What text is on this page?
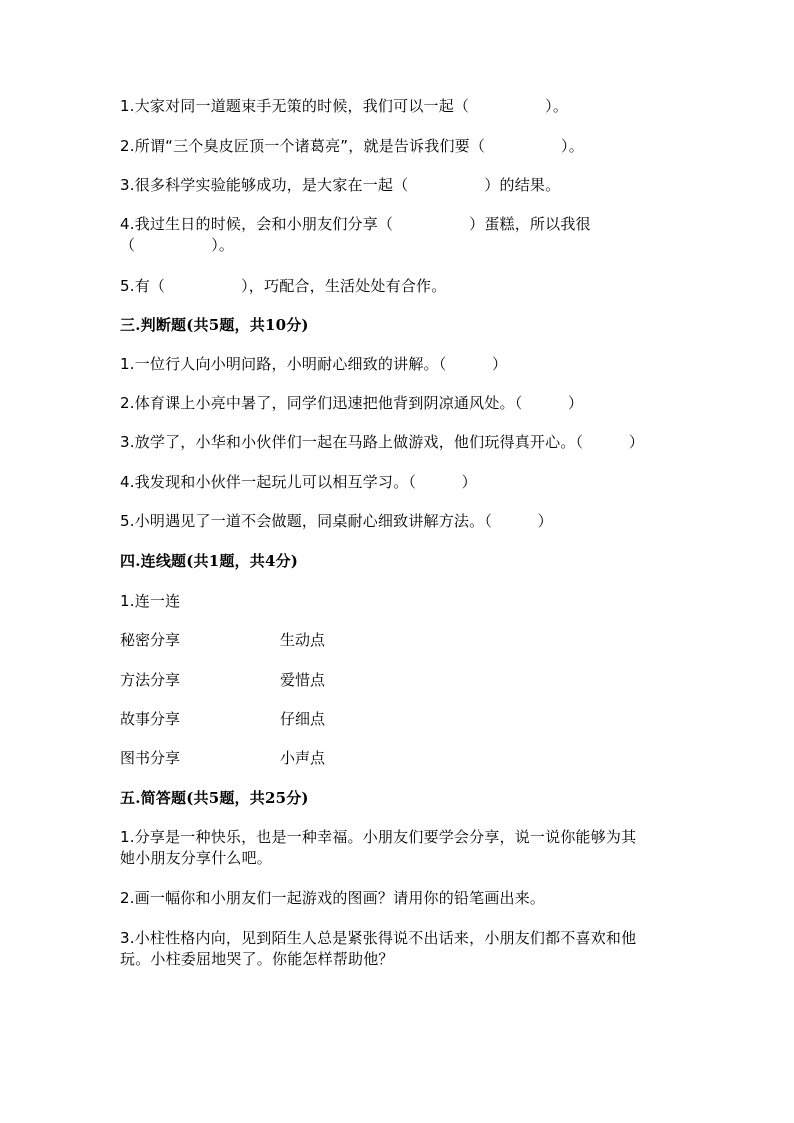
1.大家对同一道题束手无策的时候，我们可以一起（　　　　　）。
2.所谓“三个臭皮匠顶一个诸葛亮”，就是告诉我们要（　　　　　）。
3.很多科学实验能够成功，是大家在一起（　　　　　）的结果。
4.我过生日的时候，会和小朋友们分享（　　　　　）蛋糕，所以我很
（　　　　　）。
5.有（　　　　　），巧配合，生活处处有合作。
三.判断题(共5题，共10分)
1.一位行人向小明问路，小明耐心细致的讲解。（　　　）
2.体育课上小亮中暑了，同学们迅速把他背到阴凉通风处。（　　　）
3.放学了，小华和小伙伴们一起在马路上做游戏，他们玩得真开心。（　　　）
4.我发现和小伙伴一起玩儿可以相互学习。（　　　）
5.小明遇见了一道不会做题，同桌耐心细致讲解方法。（　　　）
四.连线题(共1题，共4分)
1.连一连
秘密分享	生动点
方法分享	爱惜点
故事分享	仔细点
图书分享	小声点
五.简答题(共5题，共25分)
1.分享是一种快乐，也是一种幸福。小朋友们要学会分享，说一说你能够为其
她小朋友分享什么吧。
2.画一幅你和小朋友们一起游戏的图画？请用你的铅笔画出来。
3.小柱性格内向，见到陌生人总是紧张得说不出话来，小朋友们都不喜欢和他
玩。小柱委屈地哭了。你能怎样帮助他？
